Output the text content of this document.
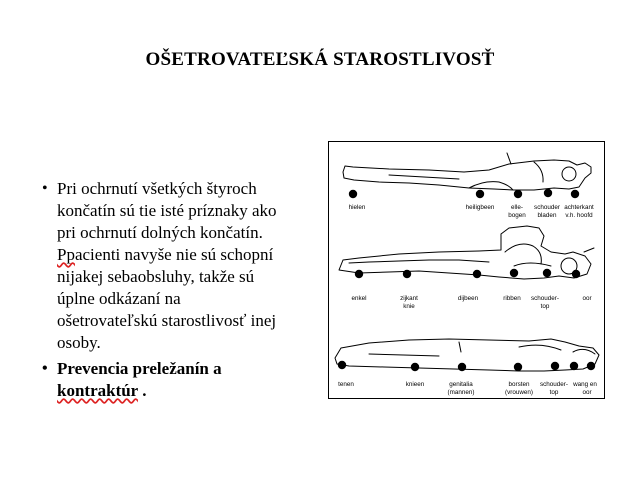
OŠETROVATEĽSKÁ STAROSTLIVOSŤ
• Pri ochrnutí všetkých štyroch
končatín sú tie isté príznaky ako
pri ochrnutí dolných končatín.
Ppacienti navyše nie sú schopní
nijakej sebaobsluhy, takže sú
úplne odkázaní na
ošetrovateľskú starostlivosť inej
osoby.
• Prevencia preležanín a
kontraktúr .
hielen	heiligbeen	elle-
bogen
schouder
bladen
achterkant
v.h. hoofd
enkel	zijkant
knie
dijbeen	ribben schouder-
top
oor
tenen	knieen	genitalia
(mannen)
borsten
(vrouwen)
schouder-
top
wang en
oor
